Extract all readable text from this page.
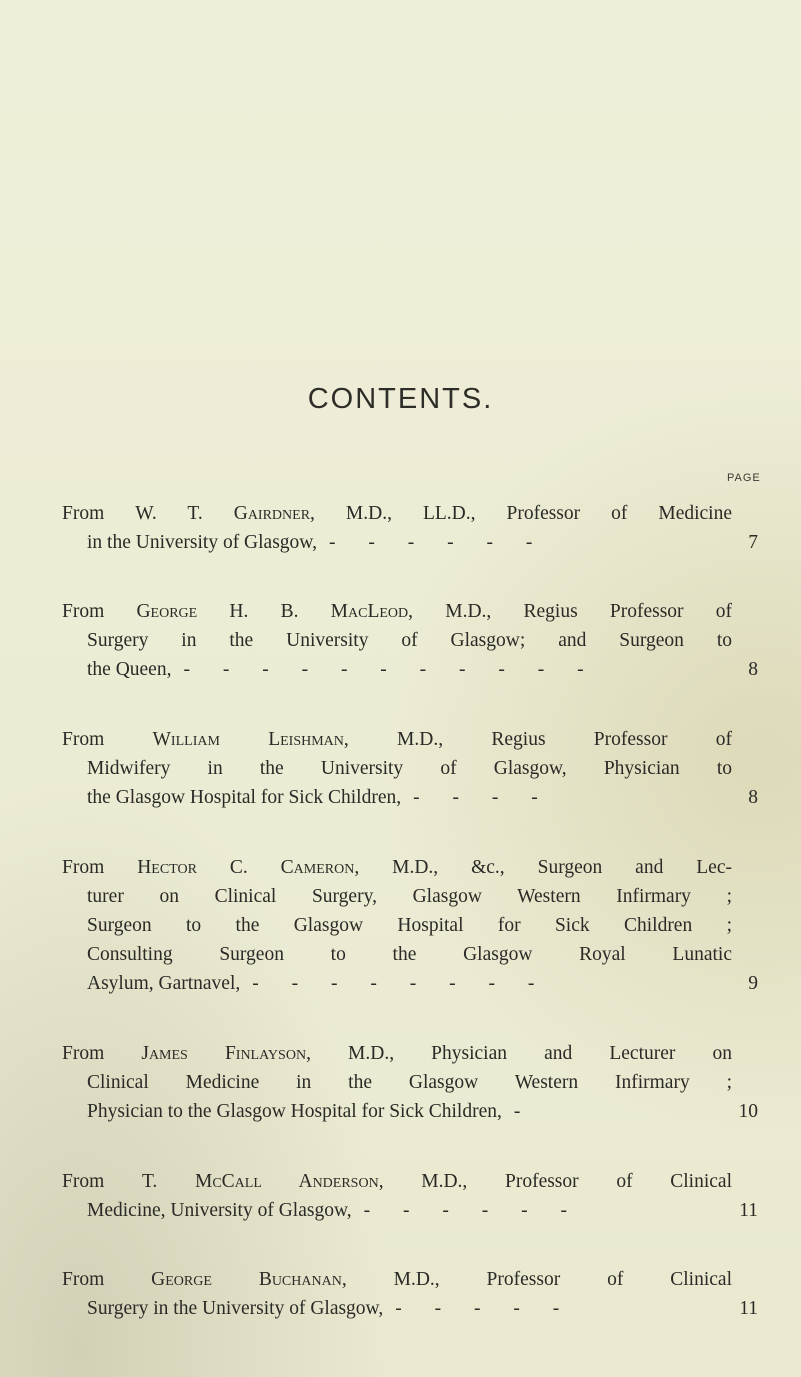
CONTENTS.
PAGE
From W. T. Gairdner, M.D., LL.D., Professor of Medicine
in the University of Glasgow, - - - - - -	7
From George H. B. MacLeod, M.D., Regius Professor of
Surgery in the University of Glasgow; and Surgeon to
the Queen, - - - - - - - - - - -	8
From William Leishman, M.D., Regius Professor of
Midwifery in the University of Glasgow, Physician to
the Glasgow Hospital for Sick Children, - - - -	8
From Hector C. Cameron, M.D., &c., Surgeon and Lec-
turer on Clinical Surgery, Glasgow Western Infirmary ;
Surgeon to the Glasgow Hospital for Sick Children ;
Consulting Surgeon to the Glasgow Royal Lunatic
Asylum, Gartnavel, - - - - - - - -	9
From James Finlayson, M.D., Physician and Lecturer on
Clinical Medicine in the Glasgow Western Infirmary ;
Physician to the Glasgow Hospital for Sick Children, -	10
From T. McCall Anderson, M.D., Professor of Clinical
Medicine, University of Glasgow, - - - - - -	11
From George Buchanan, M.D., Professor of Clinical
Surgery in the University of Glasgow, - - - - -	11
